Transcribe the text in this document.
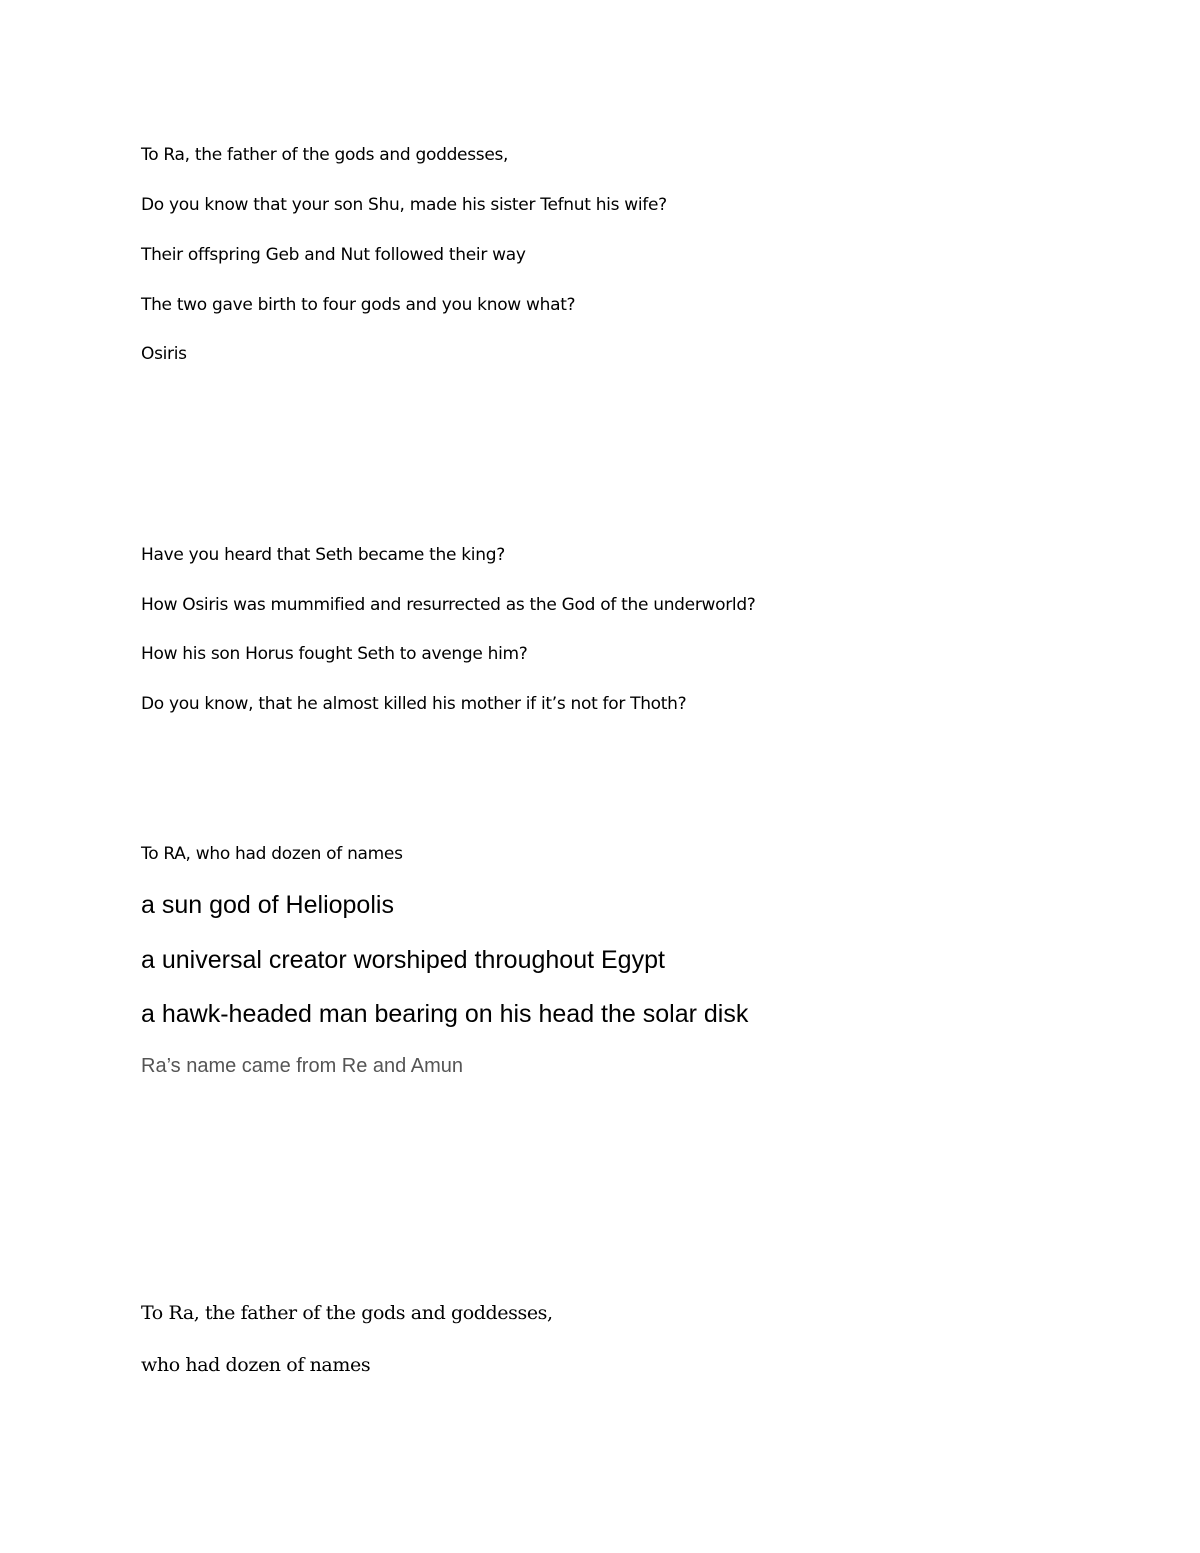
To Ra, the father of the gods and goddesses,

Do you know that your son Shu, made his sister Tefnut his wife?

Their offspring Geb and Nut followed their way

The two gave birth to four gods and you know what?

Osiris

Have you heard that Seth became the king?

How Osiris was mummified and resurrected as the God of the underworld?

How his son Horus fought Seth to avenge him?

Do you know, that he almost killed his mother if it’s not for Thoth?

To RA, who had dozen of names

a sun god of Heliopolis

a universal creator worshiped throughout Egypt

a hawk-headed man bearing on his head the solar disk

Ra’s name came from Re and Amun

To Ra, the father of the gods and goddesses,

who had dozen of names
